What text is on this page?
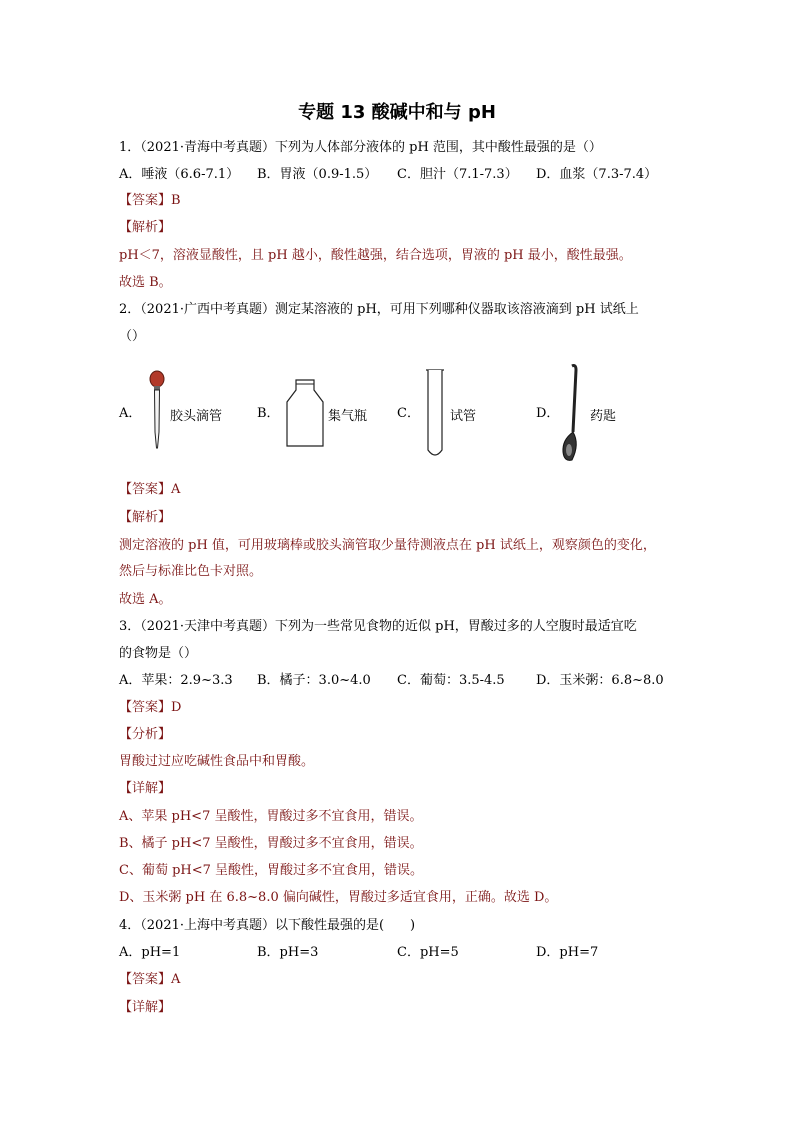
专题 13 酸碱中和与 pH
1．（2021·青海中考真题）下列为人体部分液体的 pH 范围，其中酸性最强的是（）
A．唾液（6.6-7.1） B．胃液（0.9-1.5） C．胆汁（7.1-7.3） D．血浆（7.3-7.4）
【答案】B
【解析】
pH＜7，溶液显酸性，且 pH 越小，酸性越强，结合选项，胃液的 pH 最小，酸性最强。
故选 B。
2．（2021·广西中考真题）测定某溶液的 pH，可用下列哪种仪器取该溶液滴到 pH 试纸上
（）
A． 胶头滴管	B．	集气瓶 C． 试管	D． 药匙
【答案】A
【解析】
测定溶液的 pH 值，可用玻璃棒或胶头滴管取少量待测液点在 pH 试纸上，观察颜色的变化，
然后与标准比色卡对照。
故选 A。
3．（2021·天津中考真题）下列为一些常见食物的近似 pH，胃酸过多的人空腹时最适宜吃
的食物是（）
A．苹果：2.9~3.3 B．橘子：3.0~4.0 C．葡萄：3.5-4.5 D．玉米粥：6.8~8.0
【答案】D
【分析】
胃酸过过应吃碱性食品中和胃酸。
【详解】
A、苹果 pH<7 呈酸性，胃酸过多不宜食用，错误。
B、橘子 pH<7 呈酸性，胃酸过多不宜食用，错误。
C、葡萄 pH<7 呈酸性，胃酸过多不宜食用，错误。
D、玉米粥 pH 在 6.8~8.0 偏向碱性，胃酸过多适宜食用，正确。故选 D。
4．（2021·上海中考真题）以下酸性最强的是(　　)
A．pH=1	B．pH=3	C．pH=5	D．pH=7
【答案】A
【详解】
